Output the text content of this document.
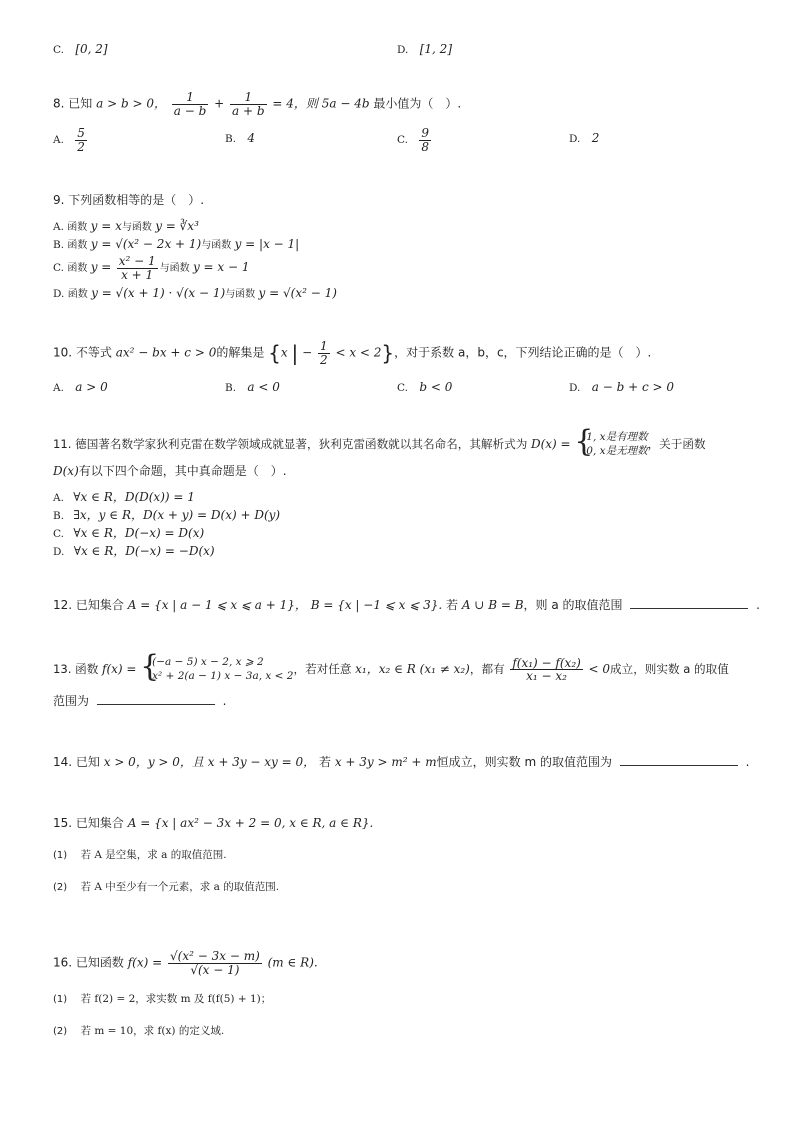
C. [0, 2]	D. [1, 2]
8. 已知 a > b > 0， $\frac{1}{a - b} + \frac{1}{a + b} = 4$，则 5a − 4b 最小值为（　）.
A. $\frac{5}{2}$	B. 4	C. $\frac{9}{8}$	D. 2
9. 下列函数相等的是（　）.
A. 函数 y = x与函数 y = ∛x³
B. 函数 y = √(x² − 2x + 1)与函数 y = |x − 1|
C. 函数 $y = \frac{\text{x² − 1}}{x + 1}$ 与函数 y = x − 1
D. 函数 y = √(x + 1) · √(x − 1)与函数 y = √(x² − 1)
10. 不等式 ax² − bx + c > 0的解集是 {x | − $\frac{1}{2} < x < 2$}，对于系数 a，b，c，下列结论正确的是（　）.
A. a > 0	B. a < 0	C. b < 0	D. a − b + c > 0
11. 德国著名数学家狄利克雷在数学领域成就显著，狄利克雷函数就以其名命名，其解析式为 D(x) = {
1, x是有理数
0, x是无理数 ，关于函数
D(x)有以下四个命题，其中真命题是（　）.
A. ∀x ∈ R，D(D(x)) = 1
B. ∃x，y ∈ R，D(x + y) = D(x) + D(y)
C. ∀x ∈ R，D(−x) = D(x)
D. ∀x ∈ R，D(−x) = −D(x)
12. 已知集合 A = {x | a − 1 ⩽ x ⩽ a + 1}， B = {x | −1 ⩽ x ⩽ 3}. 若 A ∪ B = B，则 a 的取值范围	.
13. 函数 f(x) = {
(−a − 5) x − 2, x ⩾ 2
x² + 2(a − 1) x − 3a, x < 2 ，若对任意 x₁，x₂ ∈ R (x₁ ≠ x₂)，都有 $\frac{\text{f(x₁) − f(x₂)}}{\text{x₁ − x₂}} < 0$成立，则实数 a 的取值
范围为	.
14. 已知 x > 0，y > 0，且 x + 3y − xy = 0， 若 x + 3y > m² + m恒成立，则实数 m 的取值范围为	.
15. 已知集合 A = {x | ax² − 3x + 2 = 0, x ∈ R, a ∈ R}.
(1) 若 A 是空集，求 a 的取值范围.
(2) 若 A 中至少有一个元素，求 a 的取值范围.
16. 已知函数 $f(x) = \frac{\text{√(x² − 3x − m)}}{√(x - 1)} (m$ ∈ R).
(1) 若 f(2) = 2，求实数 m 及 f(f(5) + 1)；
(2) 若 m = 10，求 f(x) 的定义域.
